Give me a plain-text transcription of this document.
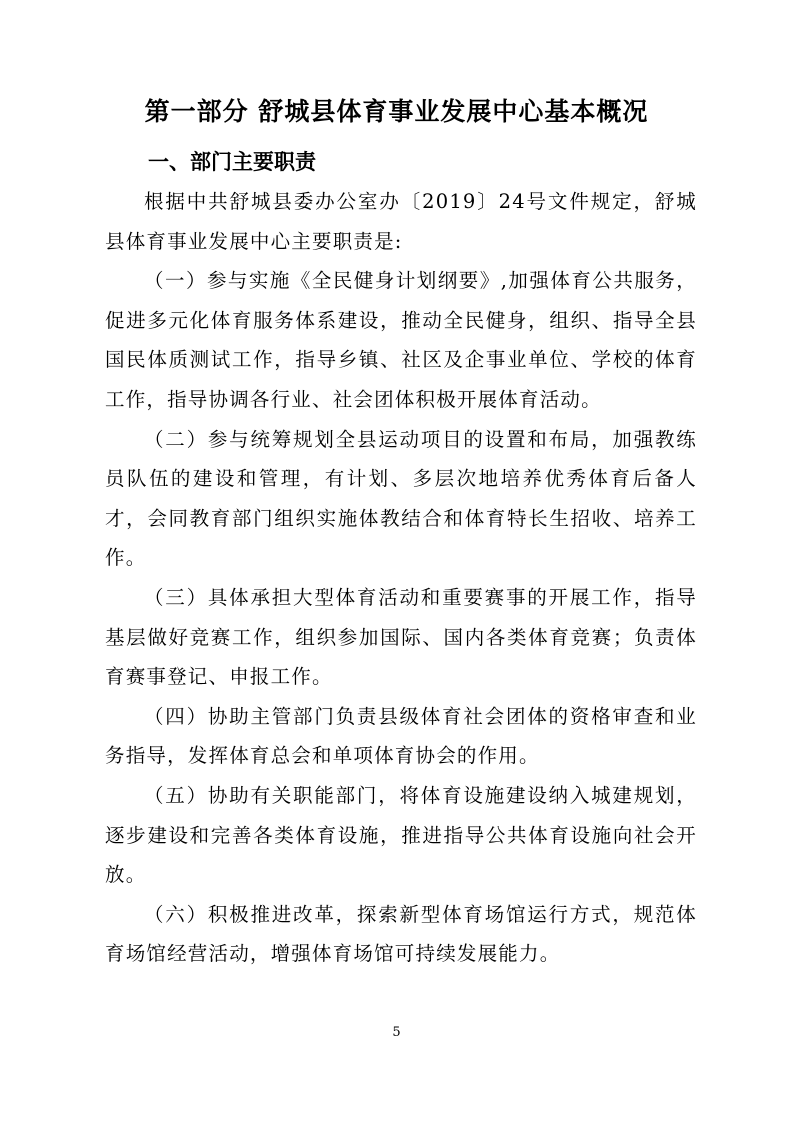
第一部分 舒城县体育事业发展中心基本概况
一、部门主要职责

根据中共舒城县委办公室办〔2019〕24号文件规定，舒城县体育事业发展中心主要职责是:

（一）参与实施《全民健身计划纲要》,加强体育公共服务，促进多元化体育服务体系建设，推动全民健身，组织、指导全县国民体质测试工作，指导乡镇、社区及企事业单位、学校的体育工作，指导协调各行业、社会团体积极开展体育活动。

（二）参与统筹规划全县运动项目的设置和布局，加强教练员队伍的建设和管理，有计划、多层次地培养优秀体育后备人才，会同教育部门组织实施体教结合和体育特长生招收、培养工作。

（三）具体承担大型体育活动和重要赛事的开展工作，指导基层做好竞赛工作，组织参加国际、国内各类体育竞赛；负责体育赛事登记、申报工作。

（四）协助主管部门负责县级体育社会团体的资格审查和业务指导，发挥体育总会和单项体育协会的作用。

（五）协助有关职能部门，将体育设施建设纳入城建规划，逐步建设和完善各类体育设施，推进指导公共体育设施向社会开放。

（六）积极推进改革，探索新型体育场馆运行方式，规范体育场馆经营活动，增强体育场馆可持续发展能力。

5
